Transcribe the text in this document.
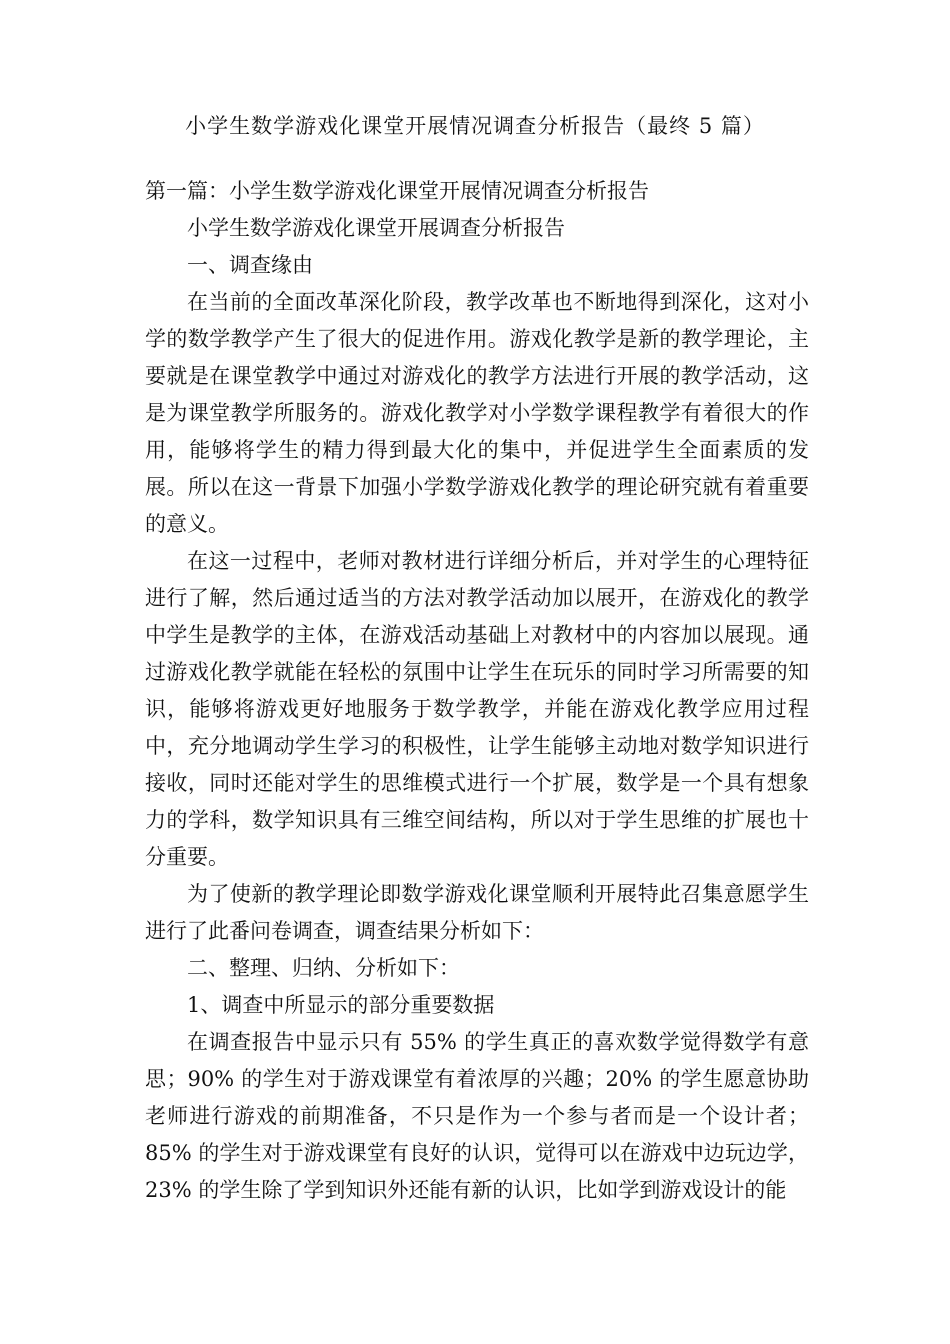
小学生数学游戏化课堂开展情况调查分析报告（最终 5 篇）

第一篇：小学生数学游戏化课堂开展情况调查分析报告

小学生数学游戏化课堂开展调查分析报告

一、调查缘由

在当前的全面改革深化阶段，教学改革也不断地得到深化，这对小学的数学教学产生了很大的促进作用。游戏化教学是新的教学理论，主要就是在课堂教学中通过对游戏化的教学方法进行开展的教学活动，这是为课堂教学所服务的。游戏化教学对小学数学课程教学有着很大的作用，能够将学生的精力得到最大化的集中，并促进学生全面素质的发展。所以在这一背景下加强小学数学游戏化教学的理论研究就有着重要的意义。

在这一过程中，老师对教材进行详细分析后，并对学生的心理特征进行了解，然后通过适当的方法对教学活动加以展开，在游戏化的教学中学生是教学的主体，在游戏活动基础上对教材中的内容加以展现。通过游戏化教学就能在轻松的氛围中让学生在玩乐的同时学习所需要的知识，能够将游戏更好地服务于数学教学，并能在游戏化教学应用过程中，充分地调动学生学习的积极性，让学生能够主动地对数学知识进行接收，同时还能对学生的思维模式进行一个扩展，数学是一个具有想象力的学科，数学知识具有三维空间结构，所以对于学生思维的扩展也十分重要。

为了使新的教学理论即数学游戏化课堂顺利开展特此召集意愿学生进行了此番问卷调查，调查结果分析如下：

二、整理、归纳、分析如下：

1、调查中所显示的部分重要数据

在调查报告中显示只有 55% 的学生真正的喜欢数学觉得数学有意思；90% 的学生对于游戏课堂有着浓厚的兴趣；20% 的学生愿意协助老师进行游戏的前期准备，不只是作为一个参与者而是一个设计者；85% 的学生对于游戏课堂有良好的认识，觉得可以在游戏中边玩边学，23% 的学生除了学到知识外还能有新的认识，比如学到游戏设计的能
